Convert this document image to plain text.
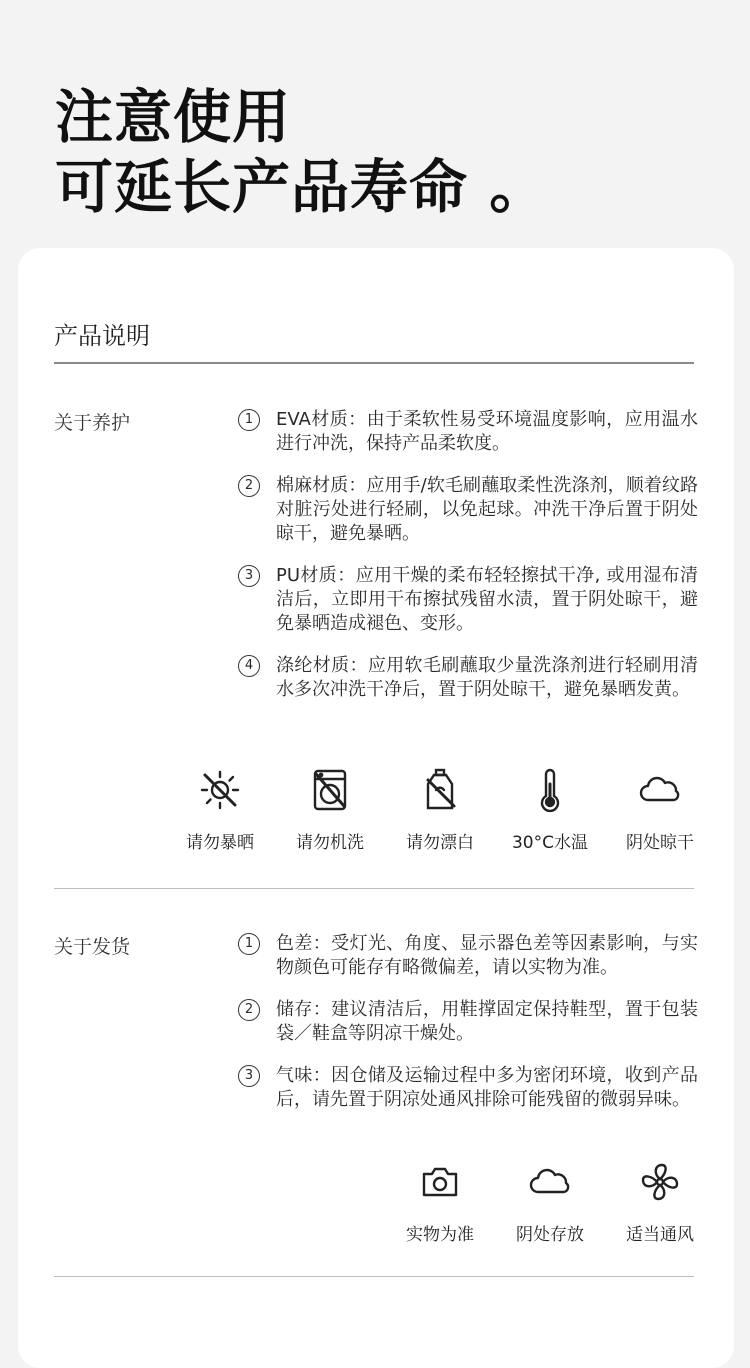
注意使用
可延长产品寿命 。
产品说明
关于养护	1	EVA材质：由于柔软性易受环境温度影响，应用温水进行冲洗，保持产品柔软度。
2	棉麻材质：应用手/软毛刷蘸取柔性洗涤剂，顺着纹路对脏污处进行轻刷，以免起球。冲洗干净后置于阴处晾干，避免暴晒。
3	PU材质：应用干燥的柔布轻轻擦拭干净, 或用湿布清洁后，立即用干布擦拭残留水渍，置于阴处晾干，避免暴晒造成褪色、变形。
4	涤纶材质：应用软毛刷蘸取少量洗涤剂进行轻刷用清水多次冲洗干净后，置于阴处晾干，避免暴晒发黄。
请勿暴晒 请勿机洗 请勿漂白 30°C水温 阴处晾干
关于发货	1	色差：受灯光、角度、显示器色差等因素影响，与实物颜色可能存有略微偏差，请以实物为准。
2	储存：建议清洁后，用鞋撑固定保持鞋型，置于包装袋／鞋盒等阴凉干燥处。
3	气味：因仓储及运输过程中多为密闭环境，收到产品后，请先置于阴凉处通风排除可能残留的微弱异味。
实物为准 阴处存放 适当通风
